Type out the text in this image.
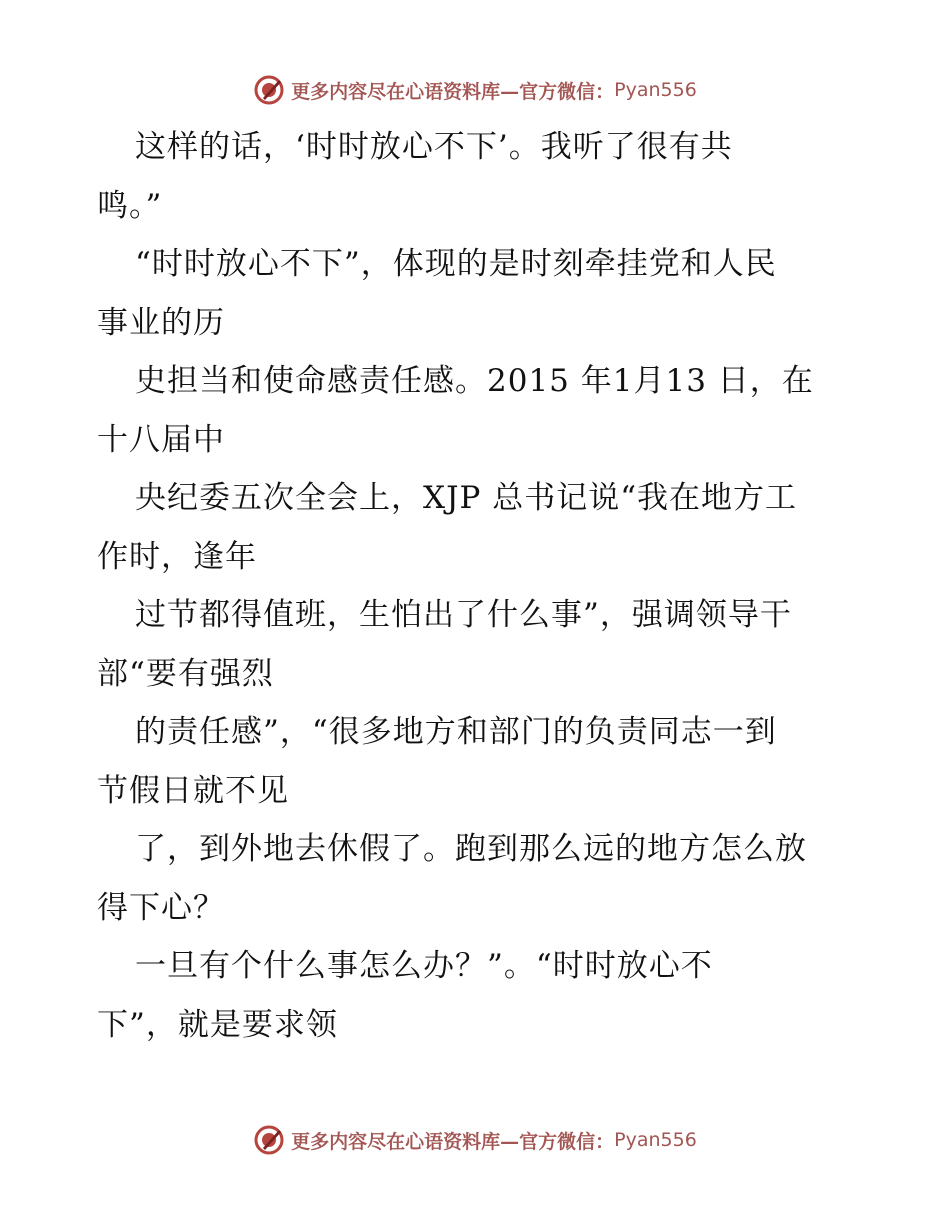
更多内容尽在心语资料库—官方微信： Pyan556
这样的话，‘时时放心不下’。我听了很有共
鸣。”
“时时放心不下”，体现的是时刻牵挂党和人民
事业的历
史担当和使命感责任感。2015 年1月13 日，在
十八届中
央纪委五次全会上，XJP 总书记说“我在地方工
作时，逢年
过节都得值班，生怕出了什么事”，强调领导干
部“要有强烈
的责任感”，“很多地方和部门的负责同志一到
节假日就不见
了，到外地去休假了。跑到那么远的地方怎么放
得下心？
一旦有个什么事怎么办？”。“时时放心不
下”，就是要求领
更多内容尽在心语资料库—官方微信： Pyan556
